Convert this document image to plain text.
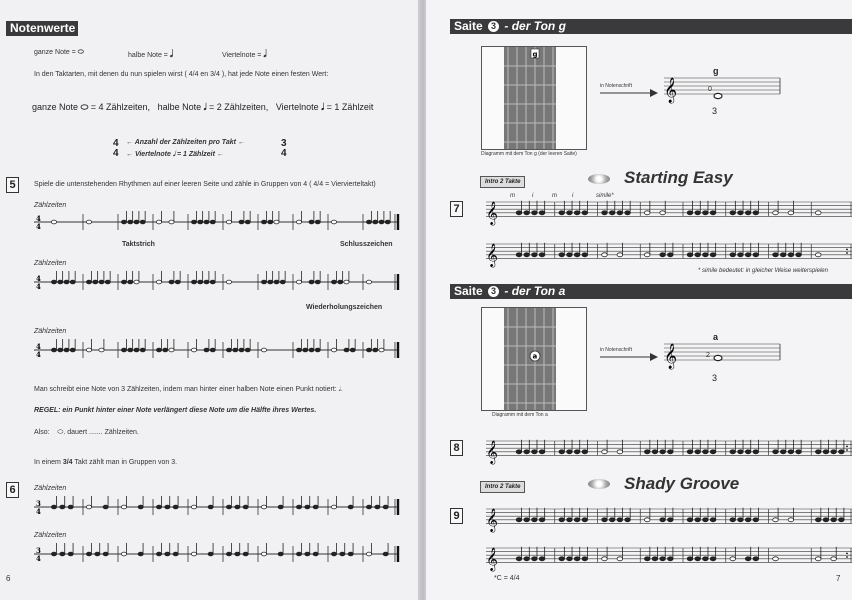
Notenwerte
ganze Note = ⬭	halbe Note = 𝅗𝅥	Viertelnote = 𝅘𝅥
In den Taktarten, mit denen du nun spielen wirst ( 4/4 en 3/4 ), hat jede Note einen festen Wert:
ganze Note ⬭ = 4 Zählzeiten, halbe Note 𝅗𝅥 = 2 Zählzeiten, Viertelnote 𝅘𝅥 = 1 Zählzeit
4
4
← Anzahl der Zählzeiten pro Takt ←
← Viertelnote 𝅘𝅥 = 1 Zählzeit ←
3
4
5	Spiele die untenstehenden Rhythmen auf einer leeren Seite und zähle in Gruppen von 4 ( 4/4 = Viervierteltakt)
Zählzeiten
4
4
Taktstrich	Schlusszeichen
Zählzeiten
4
4
Wiederholungszeichen
Zählzeiten
4
4
Man schreibt eine Note von 3 Zählzeiten, indem man hinter einer halben Note einen Punkt notiert: 𝅗𝅥.
REGEL: ein Punkt hinter einer Note verlängert diese Note um die Hälfte ihres Wertes.
Also:    ⬭. dauert ....... Zählzeiten.
In einem 3/4 Takt zählt man in Gruppen von 3.
6	Zählzeiten
3
4
Zählzeiten
3
4
6
Saite 3 - der Ton g
g
Diagramm mit dem Ton g (der leeren Saite)
in Notenschrift 𝄞
g
0
3
Intro 2 Takte	Starting Easy
7
m	i	m	i	simile*
𝄞
𝄞
* simile bedeutet: in gleicher Weise weiterspielen
Saite 3 - der Ton a
a
Diagramm mit dem Ton a
in Notenschrift 𝄞
a
2
3
8 𝄞
Intro 2 Takte	Shady Groove
9 𝄞
𝄞
*C = 4/4	7
